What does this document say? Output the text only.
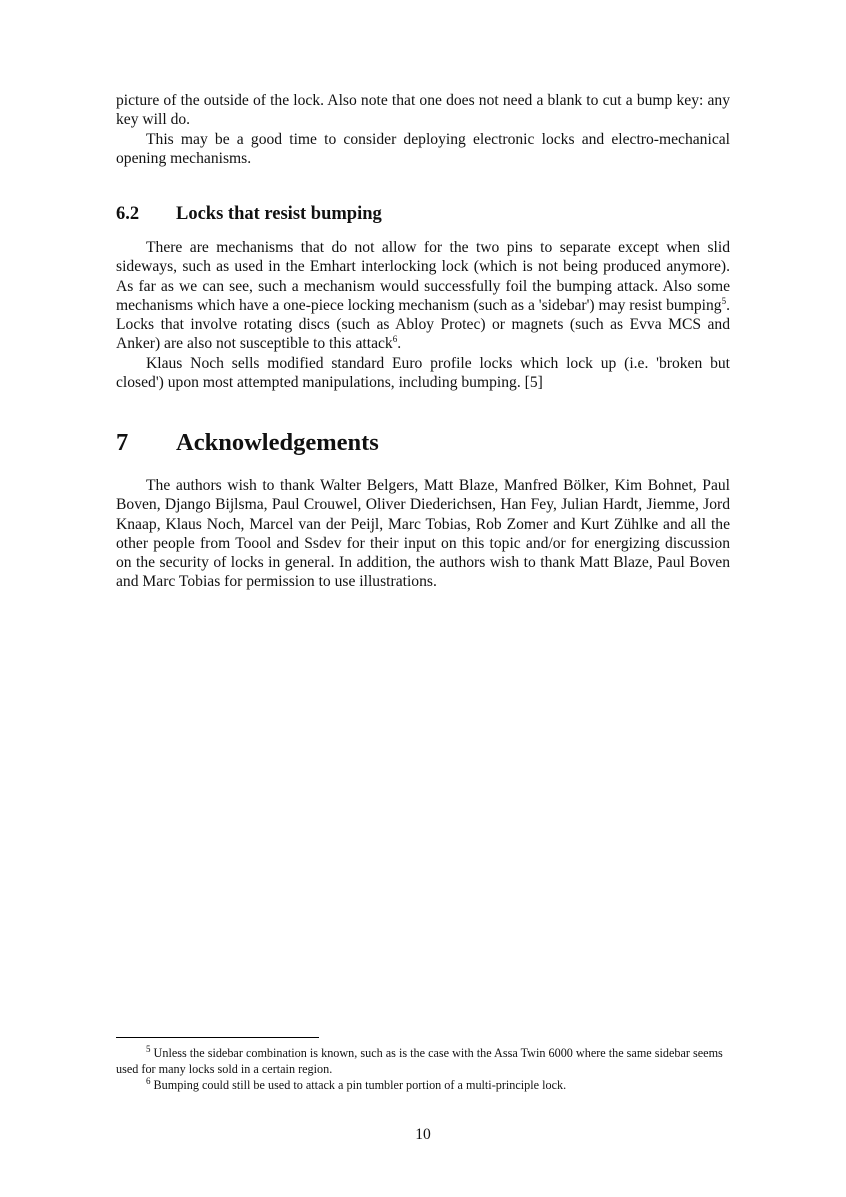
picture of the outside of the lock. Also note that one does not need a blank to cut a bump key: any key will do.

This may be a good time to consider deploying electronic locks and electro-mechanical opening mechanisms.

6.2 Locks that resist bumping

There are mechanisms that do not allow for the two pins to separate except when slid sideways, such as used in the Emhart interlocking lock (which is not being produced anymore). As far as we can see, such a mechanism would successfully foil the bumping attack. Also some mechanisms which have a one-piece locking mechanism (such as a 'sidebar') may resist bumping$^5$. Locks that involve rotating discs (such as Abloy Protec) or magnets (such as Evva MCS and Anker) are also not susceptible to this attack$^6$.

Klaus Noch sells modified standard Euro profile locks which lock up (i.e. 'broken but closed') upon most attempted manipulations, including bumping. [5]

7 Acknowledgements

The authors wish to thank Walter Belgers, Matt Blaze, Manfred Bölker, Kim Bohnet, Paul Boven, Django Bijlsma, Paul Crouwel, Oliver Diederichsen, Han Fey, Julian Hardt, Jiemme, Jord Knaap, Klaus Noch, Marcel van der Peijl, Marc Tobias, Rob Zomer and Kurt Zühlke and all the other people from Toool and Ssdev for their input on this topic and/or for energizing discussion on the security of locks in general. In addition, the authors wish to thank Matt Blaze, Paul Boven and Marc Tobias for permission to use illustrations.

$^5$ Unless the sidebar combination is known, such as is the case with the Assa Twin 6000 where the same sidebar seems used for many locks sold in a certain region.

$^6$ Bumping could still be used to attack a pin tumbler portion of a multi-principle lock.

10
